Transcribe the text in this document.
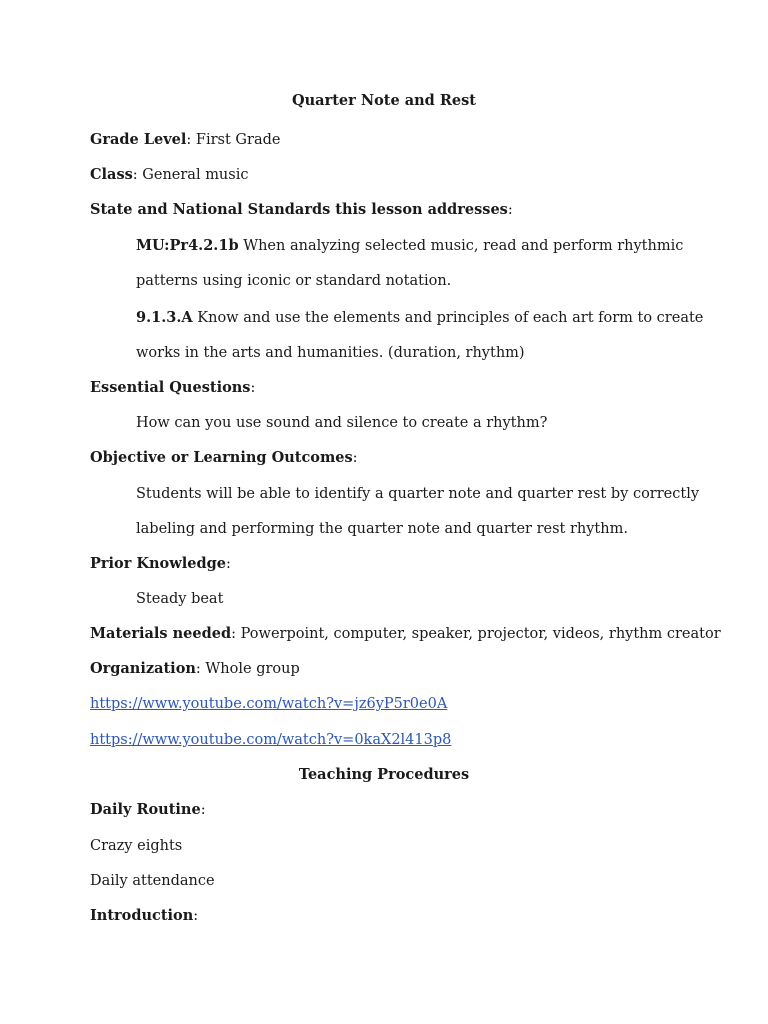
Quarter Note and Rest
Grade Level: First Grade
Class: General music
State and National Standards this lesson addresses:
MU:Pr4.2.1b When analyzing selected music, read and perform rhythmic
patterns using iconic or standard notation.
9.1.3.A Know and use the elements and principles of each art form to create
works in the arts and humanities. (duration, rhythm)
Essential Questions:
How can you use sound and silence to create a rhythm?
Objective or Learning Outcomes:
Students will be able to identify a quarter note and quarter rest by correctly
labeling and performing the quarter note and quarter rest rhythm.
Prior Knowledge:
Steady beat
Materials needed: Powerpoint, computer, speaker, projector, videos, rhythm creator
Organization: Whole group
https://www.youtube.com/watch?v=jz6yP5r0e0A
https://www.youtube.com/watch?v=0kaX2l413p8
Teaching Procedures
Daily Routine:
Crazy eights
Daily attendance
Introduction:
